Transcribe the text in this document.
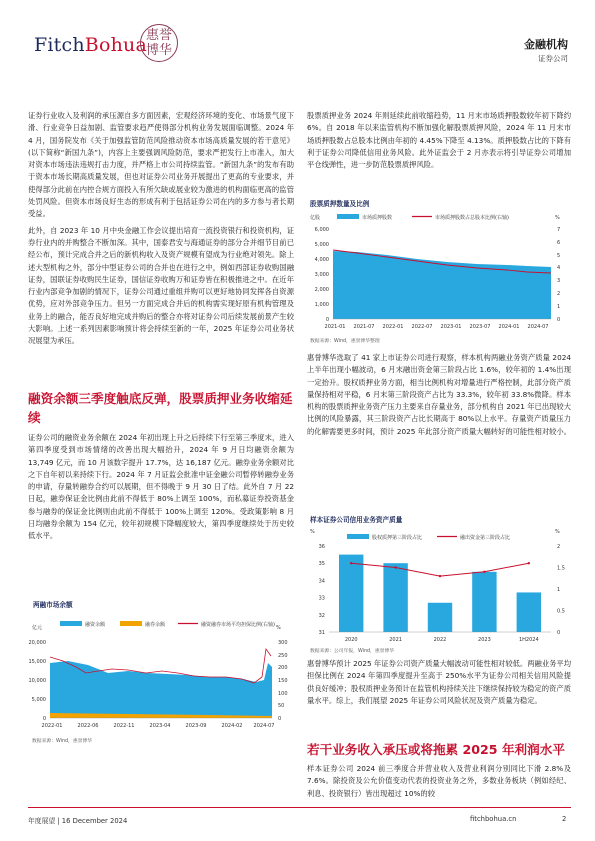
FitchBohua 惠誉
博华	金融机构
证券公司

证券行业收入及利润的承压源自多方面因素，宏观经济环境的变化、市场景气度下滑、行业竞争日益加剧、监管要求趋严使得部分机构业务发展面临调整。2024 年 4 月，国务院发布《关于加强监管防范风险推动资本市场高质量发展的若干意见》(以下简称“新国九条”)，内容上主要强调风险防范，要求严把发行上市准入，加大对资本市场违法违规打击力度，并严格上市公司持续监管。“新国九条”的发布有助于资本市场长期高质量发展，但也对证券公司业务开展提出了更高的专业要求，并使得部分此前在内控合规方面投入有所欠缺或展业较为激进的机构面临更高的监管处罚风险。但资本市场良好生态的形成有利于包括证券公司在内的多方参与者长期受益。

此外，自 2023 年 10 月中央金融工作会议提出培育一流投资银行和投资机构，证券行业内的并购整合不断加深。其中，国泰君安与海通证券的部分合并细节目前已经公布，预计完成合并之后的新机构收入及资产规模有望成为行业绝对领先。除上述大型机构之外，部分中型证券公司的合并也在进行之中，例如西部证券收购国融证券，国联证券收购民生证券，国信证券收购万和证券皆在积极推进之中。在近年行业内部竞争加剧的情况下，证券公司通过重组并购可以更好地协同发挥各自资源优势，应对外部竞争压力。但另一方面完成合并后的机构需实现好原有机构管理及业务上的融合，能否良好地完成并购后的整合亦将对证券公司后续发展前景产生较大影响。上述一系列因素影响预计将会持续至新的一年，2025 年证券公司业务状况展望为承压。

融资余额三季度触底反弹，股票质押业务收缩延续

证券公司的融资业务余额在 2024 年初出现上升之后持续下行至第三季度末，进入第四季度受到市场情绪的改善出现大幅抬升，2024 年 9 月日均融资余额为 13,749 亿元，而 10 月该数字提升 17.7%，达 16,187 亿元。融券业务余额对比之下自年初以来持续下行。2024 年 7 月证监会批准中证金融公司暂停转融券业务的申请，存量转融券合约可以展期，但不得晚于 9 月 30 日了结。此外自 7 月 22 日起，融券保证金比例由此前不得低于 80%上调至 100%，而私募证券投资基金参与融券的保证金比例则由此前不得低于 100%上调至 120%。受政策影响 8 月日均融券余额为 154 亿元，较年初规模下降幅度较大，第四季度继续处于历史较低水平。

两融市场余额
亿元	%
融资余额	融券余额	融资融券市场平均担保比例(右轴)
20,000
15,000
10,000
5,000
0
300
250
200
150
100
50
0
2022-01	2022-06	2022-11	2023-04	2023-09	2024-02 2024-07
数据来源：Wind，惠誉博华

股票质押业务 2024 年则延续此前收缩趋势，11 月末市场质押股数较年初下降约 6%。自 2018 年以来监管机构不断加强化解股票质押风险，2024 年 11 月末市场质押股数占总股本比例由年初的 4.45%下降至 4.13%。质押股数占比的下降有利于证券公司降低信用业务风险。此外证监会于 2 月亦表示将引导证券公司增加平仓线弹性，进一步防范股票质押风险。

股票质押数量及比例
亿股	%
市场质押股数	市场质押股数占总股本比例(右轴)
6,000
5,000
4,000
3,000
2,000
1,000
0
7
6
5
4
3
2
1
0
2021-01 2021-07 2022-01 2022-07 2023-01 2023-07 2024-01 2024-07
数据来源：Wind，惠誉博华整理

惠誉博华选取了 41 家上市证券公司进行观察，样本机构两融业务资产质量 2024 上半年出现小幅波动，6 月末融出资金第三阶段占比 1.6%，较年初的 1.4%出现一定抬升。股权质押业务方面，相当比例机构对增量进行严格控制，此部分资产质量保持相对平稳，6 月末第三阶段资产占比为 33.3%，较年初 33.8%微降。样本机构的股票质押业务资产压力主要来自存量业务，部分机构自 2021 年已出现较大比例的风险暴露，其三阶段资产占比长期高于 80%以上水平。存量资产质量压力的化解需要更多时间，预计 2025 年此部分资产质量大幅转好的可能性相对较小。

样本证券公司信用业务资产质量
%	%
股权质押第三阶段占比	融出资金第三阶段占比
36
35
34
33
32
31
2
1.5
1
0.5
0
2020	2021	2022	2023	1H2024
数据来源：公司年报，Wind，惠誉博华

惠誉博华预计 2025 年证券公司资产质量大幅波动可能性相对较低。两融业务平均担保比例在 2024 年第四季度提升至高于 250%水平为证券公司相关信用风险提供良好缓冲；股权质押业务预计在监管机构持续关注下继续保持较为稳定的资产质量水平。综上，我们展望 2025 年证券公司风险状况及资产质量为稳定。

若干业务收入承压或将拖累 2025 年利润水平

样本证券公司 2024 前三季度合并营业收入及营业利润分别同比下滑 2.8%及 7.6%。除投资及公允价值变动代表的投资业务之外，多数业务板块（例如经纪、利息、投资银行）皆出现超过 10%的较

年度展望 | 16 December 2024	fitchbohua.cn	2
